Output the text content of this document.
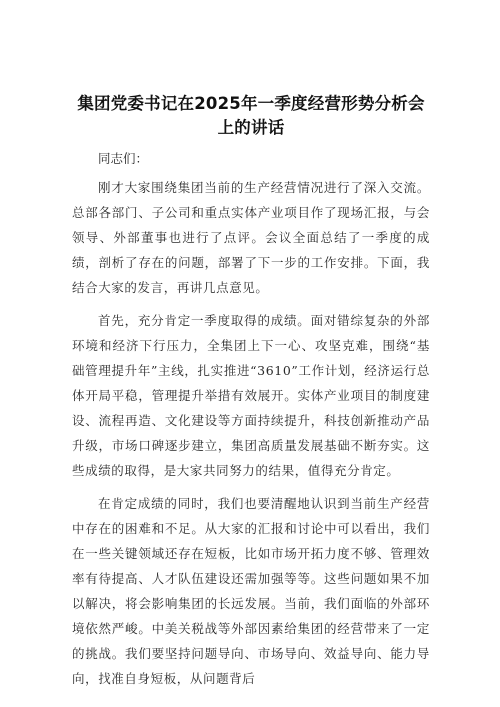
集团党委书记在2025年一季度经营形势分析会
上的讲话
同志们：

刚才大家围绕集团当前的生产经营情况进行了深入交流。总部各部门、子公司和重点实体产业项目作了现场汇报，与会领导、外部董事也进行了点评。会议全面总结了一季度的成绩，剖析了存在的问题，部署了下一步的工作安排。下面，我结合大家的发言，再讲几点意见。

首先，充分肯定一季度取得的成绩。面对错综复杂的外部环境和经济下行压力，全集团上下一心、攻坚克难，围绕“基础管理提升年”主线，扎实推进“3610”工作计划，经济运行总体开局平稳，管理提升举措有效展开。实体产业项目的制度建设、流程再造、文化建设等方面持续提升，科技创新推动产品升级，市场口碑逐步建立，集团高质量发展基础不断夯实。这些成绩的取得，是大家共同努力的结果，值得充分肯定。

在肯定成绩的同时，我们也要清醒地认识到当前生产经营中存在的困难和不足。从大家的汇报和讨论中可以看出，我们在一些关键领域还存在短板，比如市场开拓力度不够、管理效率有待提高、人才队伍建设还需加强等等。这些问题如果不加以解决，将会影响集团的长远发展。当前，我们面临的外部环境依然严峻。中美关税战等外部因素给集团的经营带来了一定的挑战。我们要坚持问题导向、市场导向、效益导向、能力导向，找准自身短板，从问题背后
